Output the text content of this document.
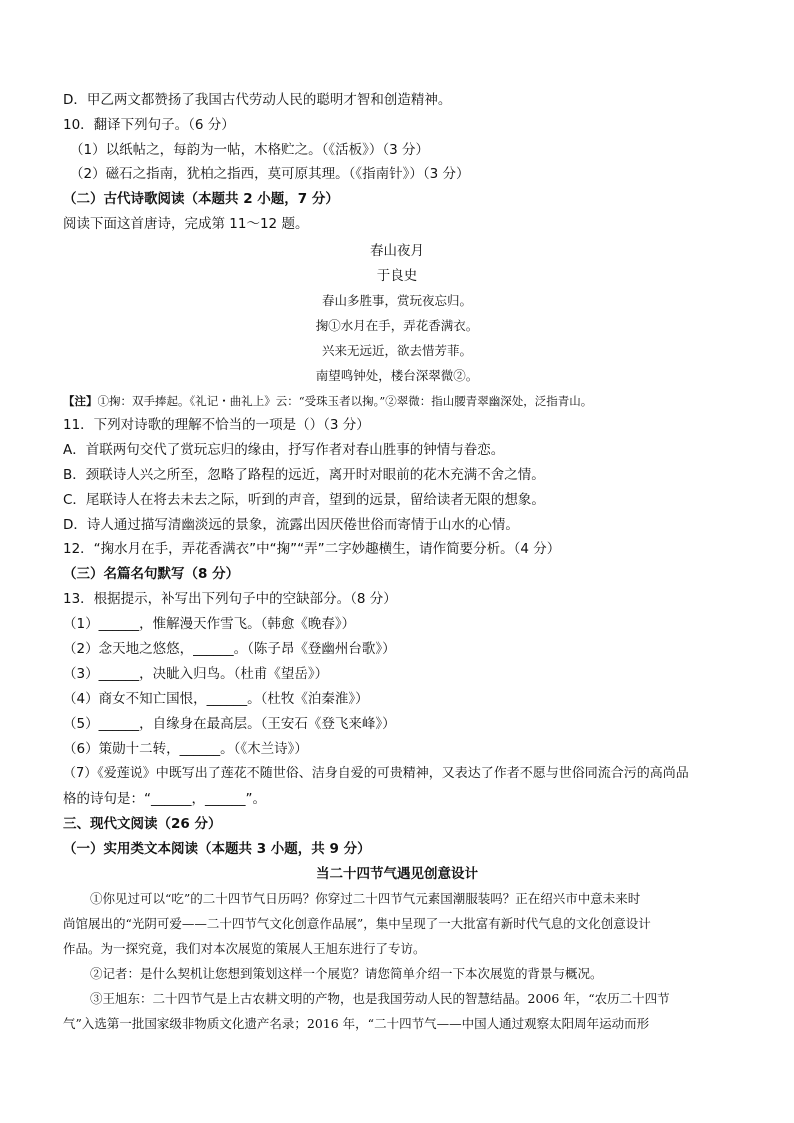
D．甲乙两文都赞扬了我国古代劳动人民的聪明才智和创造精神。
10．翻译下列句子。（6 分）
（1）以纸帖之，每韵为一帖，木格贮之。（《活板》）（3 分）
（2）磁石之指南，犹柏之指西，莫可原其理。（《指南针》）（3 分）
（二）古代诗歌阅读（本题共 2 小题，7 分）
阅读下面这首唐诗，完成第 11～12 题。
春山夜月
于良史
春山多胜事，赏玩夜忘归。
掬①水月在手，弄花香满衣。
兴来无远近，欲去惜芳菲。
南望鸣钟处，楼台深翠微②。
【注】①掬：双手捧起。《礼记・曲礼上》云：“受珠玉者以掬。”②翠微：指山腰青翠幽深处，泛指青山。
11．下列对诗歌的理解不恰当的一项是（）（3 分）
A．首联两句交代了赏玩忘归的缘由，抒写作者对春山胜事的钟情与眷恋。
B．颈联诗人兴之所至，忽略了路程的远近，离开时对眼前的花木充满不舍之情。
C．尾联诗人在将去未去之际，听到的声音，望到的远景，留给读者无限的想象。
D．诗人通过描写清幽淡远的景象，流露出因厌倦世俗而寄情于山水的心情。
12．“掬水月在手，弄花香满衣”中“掬”“弄”二字妙趣横生，请作简要分析。（4 分）
（三）名篇名句默写（8 分）
13．根据提示，补写出下列句子中的空缺部分。（8 分）
（1）______，惟解漫天作雪飞。（韩愈《晚春》）
（2）念天地之悠悠，______。（陈子昂《登幽州台歌》）
（3）______，决眦入归鸟。（杜甫《望岳》）
（4）商女不知亡国恨，______。（杜牧《泊秦淮》）
（5）______，自缘身在最高层。（王安石《登飞来峰》）
（6）策勋十二转，______。（《木兰诗》）
（7）《爱莲说》中既写出了莲花不随世俗、洁身自爱的可贵精神，又表达了作者不愿与世俗同流合污的高尚品
格的诗句是：“______，______”。
三、现代文阅读（26 分）
（一）实用类文本阅读（本题共 3 小题，共 9 分）
当二十四节气遇见创意设计
①你见过可以“吃”的二十四节气日历吗？你穿过二十四节气元素国潮服装吗？正在绍兴市中意未来时
尚馆展出的“光阴可爱——二十四节气文化创意作品展”，集中呈现了一大批富有新时代气息的文化创意设计
作品。为一探究竟，我们对本次展览的策展人王旭东进行了专访。
②记者：是什么契机让您想到策划这样一个展览？请您简单介绍一下本次展览的背景与概况。
③王旭东：二十四节气是上古农耕文明的产物，也是我国劳动人民的智慧结晶。2006 年，“农历二十四节
气”入选第一批国家级非物质文化遗产名录；2016 年，“二十四节气——中国人通过观察太阳周年运动而形
